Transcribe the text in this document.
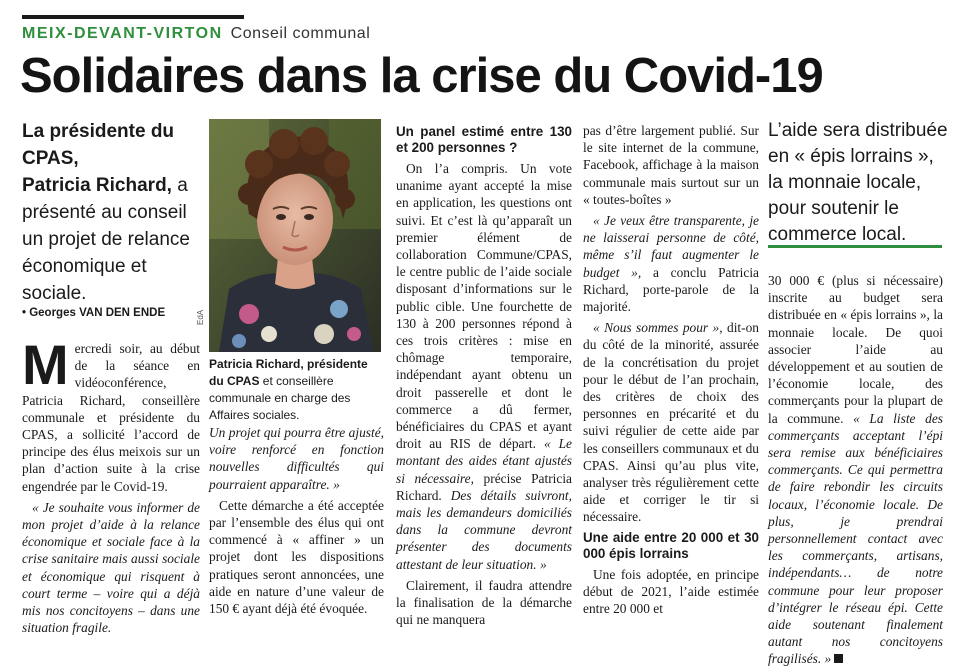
MEIX-DEVANT-VIRTON Conseil communal
Solidaires dans la crise du Covid-19
La présidente du CPAS,
Patricia Richard, a présenté au conseil un projet de relance économique et sociale.
• Georges VAN DEN ENDE	EdA
Patricia Richard, présidente du CPAS et conseillère communale en charge des Affaires sociales.

Mercredi soir, au début de la séance en vidéoconférence, Patricia Richard, conseillère communale et présidente du CPAS, a sollicité l’accord de principe des élus meixois sur un plan d’action suite à la crise engendrée par le Covid-19.

« Je souhaite vous informer de mon projet d’aide à la relance économique et sociale face à la crise sanitaire mais aussi sociale et économique qui risquent à court terme – voire qui a déjà mis nos concitoyens – dans une situation fragile.

Un projet qui pourra être ajusté, voire renforcé en fonction nouvelles difficultés qui pourraient apparaître. »

Cette démarche a été acceptée par l’ensemble des élus qui ont commencé à « affiner » un projet dont les dispositions pratiques seront annoncées, une aide en nature d’une valeur de 150 € ayant déjà été évoquée.

Un panel estimé entre 130 et 200 personnes ?

On l’a compris. Un vote unanime ayant accepté la mise en application, les questions ont suivi. Et c’est là qu’apparaît un premier élément de collaboration Commune/CPAS, le centre public de l’aide sociale disposant d’informations sur le public cible. Une fourchette de 130 à 200 personnes répond à ces trois critères : mise en chômage temporaire, indépendant ayant obtenu un droit passerelle et dont le commerce a dû fermer, bénéficiaires du CPAS et ayant droit au RIS de départ. « Le montant des aides étant ajustés si nécessaire, précise Patricia Richard. Des détails suivront, mais les demandeurs domiciliés dans la commune devront présenter des documents attestant de leur situation. »

Clairement, il faudra attendre la finalisation de la démarche qui ne manquera

pas d’être largement publié. Sur le site internet de la commune, Facebook, affichage à la maison communale mais surtout sur un « toutes-boîtes »

« Je veux être transparente, je ne laisserai personne de côté, même s’il faut augmenter le budget », a conclu Patricia Richard, porte-parole de la majorité.

« Nous sommes pour », dit-on du côté de la minorité, assurée de la concrétisation du projet pour le début de l’an prochain, des critères de choix des personnes en précarité et du suivi régulier de cette aide par les conseillers communaux et du CPAS. Ainsi qu’au plus vite, analyser très régulièrement cette aide et corriger le tir si nécessaire.

Une aide entre 20 000 et 30 000 épis lorrains

Une fois adoptée, en principe début de 2021, l’aide estimée entre 20 000 et

L’aide sera distribuée en « épis lorrains », la monnaie locale, pour soutenir le commerce local.

30 000 € (plus si nécessaire) inscrite au budget sera distribuée en « épis lorrains », la monnaie locale. De quoi associer l’aide au développement et au soutien de l’économie locale, des commerçants pour la plupart de la commune. « La liste des commerçants acceptant l’épi sera remise aux bénéficiaires commerçants. Ce qui permettra de faire rebondir les circuits locaux, l’économie locale. De plus, je prendrai personnellement contact avec les commerçants, artisans, indépendants… de notre commune pour leur proposer d’intégrer le réseau épi. Cette aide soutenant finalement autant nos concitoyens fragilisés. »
